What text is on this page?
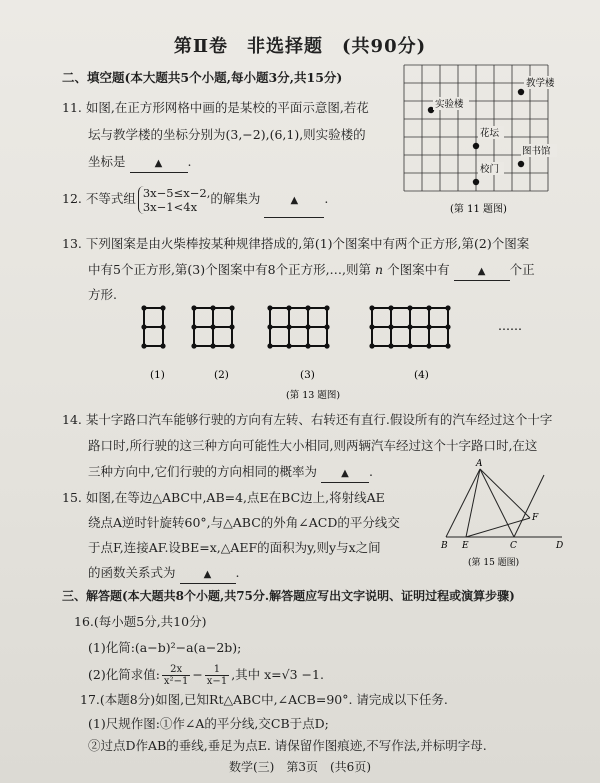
第Ⅱ卷　非选择题　(共90分)
二、填空题(本大题共5个小题,每小题3分,共15分)
11. 如图,在正方形网格中画的是某校的平面示意图,若花
坛与教学楼的坐标分别为(3,−2),(6,1),则实验楼的
坐标是	▲ .
实验楼
教学楼
花坛
图书馆
校门
(第 11 题图)
12. 不等式组 3x−5≤x−2,
3x−1<4x
的解集为	▲ .
13. 下列图案是由火柴棒按某种规律搭成的,第(1)个图案中有两个正方形,第(2)个图案
中有5个正方形,第(3)个图案中有8个正方形,…,则第 n 个图案中有	▲ 个正
方形.
(1)	(2)	(3)	(4)
……
(第 13 题图)
14. 某十字路口汽车能够行驶的方向有左转、右转还有直行.假设所有的汽车经过这个十字
路口时,所行驶的这三种方向可能性大小相同,则两辆汽车经过这个十字路口时,在这
三种方向中,它们行驶的方向相同的概率为 ▲ .
15. 如图,在等边△ABC中,AB=4,点E在BC边上,将射线AE
绕点A逆时针旋转60°,与△ABC的外角∠ACD的平分线交
于点F,连接AF.设BE=x,△AEF的面积为y,则y与x之间
的函数关系式为	▲ .
A
B E	C
F
D
(第 15 题图)
三、解答题(本大题共8个小题,共75分.解答题应写出文字说明、证明过程或演算步骤)
16.(每小题5分,共10分)
(1)化简:(a−b)²−a(a−2b);
(2)化简求值: $\frac{2x}{\text{x²−1}} - \frac{1}{x-1}$ ,其中 x=√3 −1.
17.(本题8分)如图,已知Rt△ABC中,∠ACB=90°. 请完成以下任务.
(1)尺规作图:①作∠A的平分线,交CB于点D;
②过点D作AB的垂线,垂足为点E. 请保留作图痕迹,不写作法,并标明字母.
数学(三)　第3页　(共6页)
